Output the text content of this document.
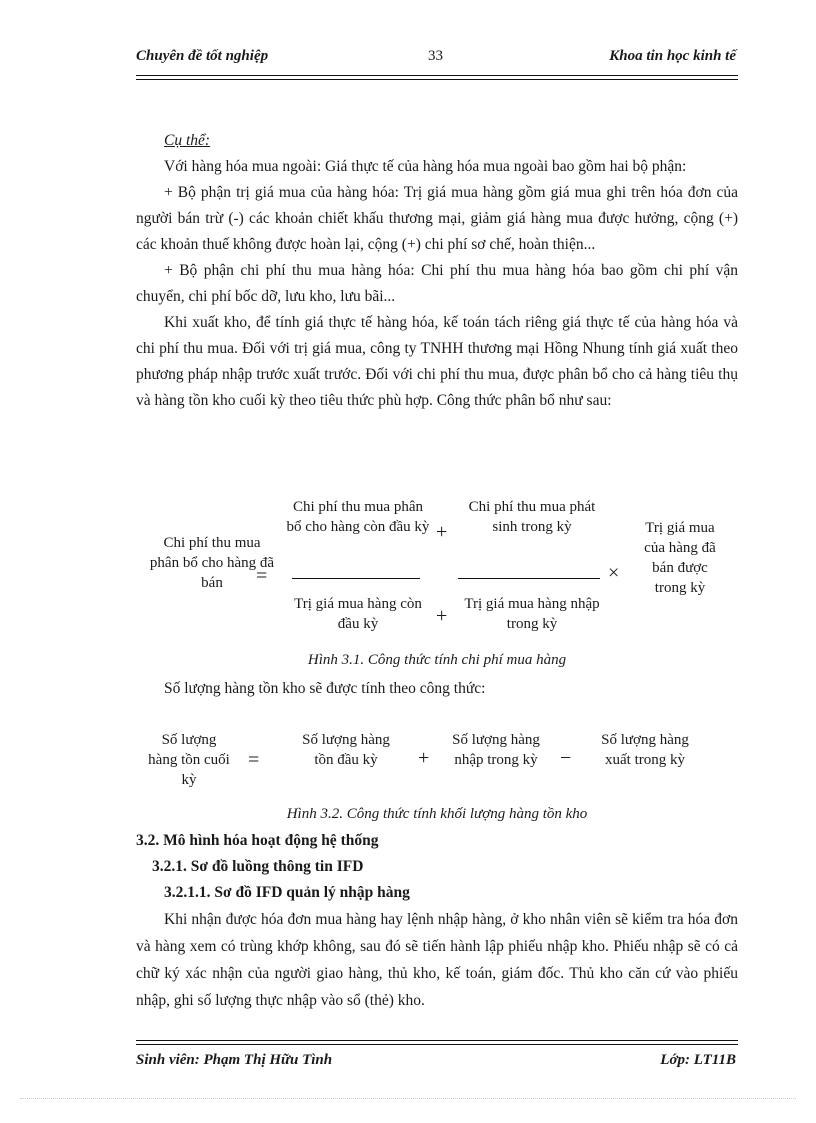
Chuyên đề tốt nghiệp	33	Khoa tin học kinh tế

Cụ thể:

Với hàng hóa mua ngoài: Giá thực tế của hàng hóa mua ngoài bao gồm hai bộ phận:

+ Bộ phận trị giá mua của hàng hóa: Trị giá mua hàng gồm giá mua ghi trên hóa đơn của người bán trừ (-) các khoản chiết khấu thương mại, giảm giá hàng mua được hưởng, cộng (+) các khoản thuế không được hoàn lại, cộng (+) chi phí sơ chế, hoàn thiện...

+ Bộ phận chi phí thu mua hàng hóa: Chi phí thu mua hàng hóa bao gồm chi phí vận chuyển, chi phí bốc dỡ, lưu kho, lưu bãi...

Khi xuất kho, để tính giá thực tế hàng hóa, kế toán tách riêng giá thực tế của hàng hóa và chi phí thu mua. Đối với trị giá mua, công ty TNHH thương mại Hồng Nhung tính giá xuất theo phương pháp nhập trước xuất trước. Đối với chi phí thu mua, được phân bổ cho cả hàng tiêu thụ và hàng tồn kho cuối kỳ theo tiêu thức phù hợp. Công thức phân bổ như sau:

Chi phí thu mua phân bổ cho hàng đã bán	=
Chi phí thu mua phân bổ cho hàng còn đầu kỳ +
Chi phí thu mua phát sinh trong kỳ
×
Trị giá mua hàng còn đầu kỳ	+
Trị giá mua hàng nhập trong kỳ
Trị giá mua của hàng đã bán được trong kỳ
Hình 3.1. Công thức tính chi phí mua hàng

Số lượng hàng tồn kho sẽ được tính theo công thức:

Số lượng hàng tồn cuối kỳ
=
Số lượng hàng tồn đầu kỳ	+
Số lượng hàng nhập trong kỳ −
Số lượng hàng xuất trong kỳ
Hình 3.2. Công thức tính khối lượng hàng tồn kho
3.2. Mô hình hóa hoạt động hệ thống
3.2.1. Sơ đồ luồng thông tin IFD
3.2.1.1. Sơ đồ IFD quản lý nhập hàng

Khi nhận được hóa đơn mua hàng hay lệnh nhập hàng, ở kho nhân viên sẽ kiểm tra hóa đơn và hàng xem có trùng khớp không, sau đó sẽ tiến hành lập phiếu nhập kho. Phiếu nhập sẽ có cả chữ ký xác nhận của người giao hàng, thủ kho, kế toán, giám đốc. Thủ kho căn cứ vào phiếu nhập, ghi số lượng thực nhập vào sổ (thẻ) kho.

Sinh viên: Phạm Thị Hữu Tình	Lớp: LT11B
